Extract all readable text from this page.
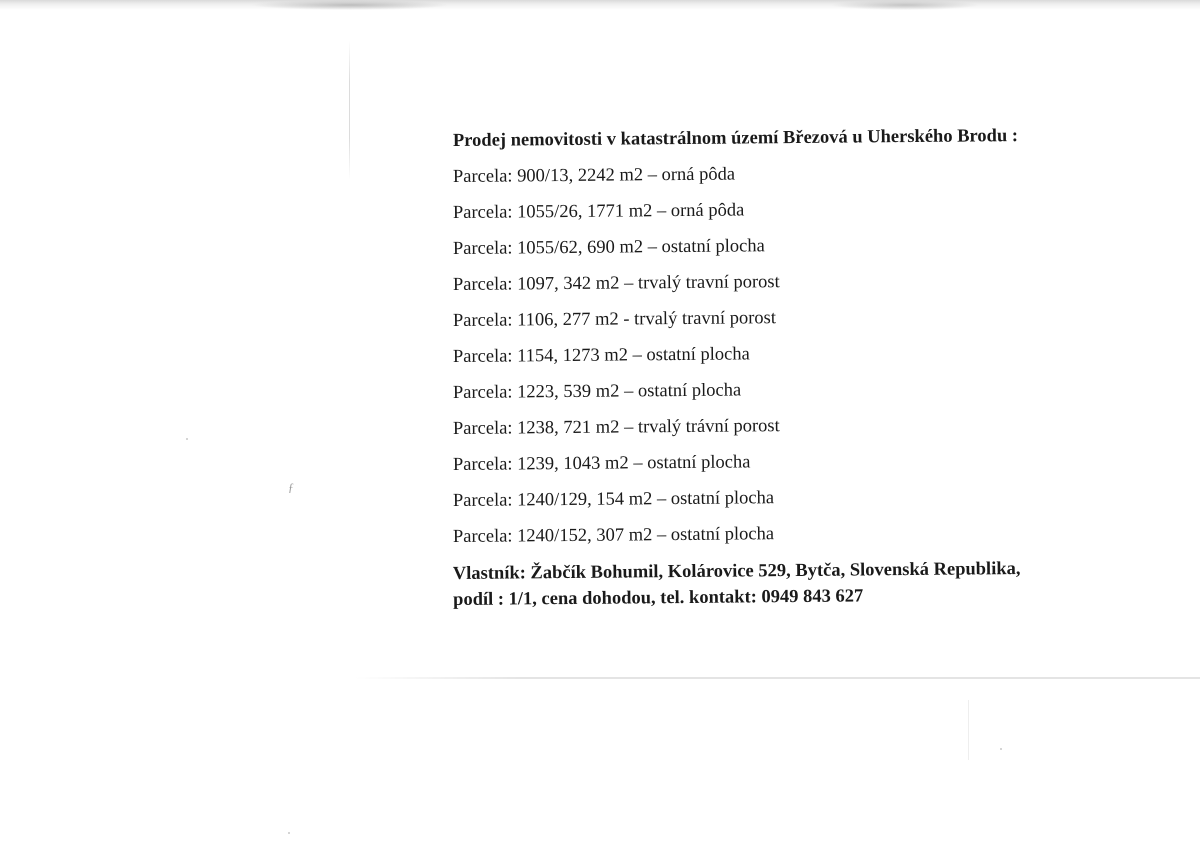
ƒ
Prodej nemovitosti v katastrálnom území Březová u Uherského Brodu :
Parcela: 900/13, 2242 m2 – orná pôda
Parcela: 1055/26, 1771 m2 – orná pôda
Parcela: 1055/62, 690 m2 – ostatní plocha
Parcela: 1097, 342 m2 – trvalý travní porost
Parcela: 1106, 277 m2 - trvalý travní porost
Parcela: 1154, 1273 m2 – ostatní plocha
Parcela: 1223, 539 m2 – ostatní plocha
Parcela: 1238, 721 m2 – trvalý trávní porost
Parcela: 1239, 1043 m2 – ostatní plocha
Parcela: 1240/129, 154 m2 – ostatní plocha
Parcela: 1240/152, 307 m2 – ostatní plocha

Vlastník: Žabčík Bohumil, Kolárovice 529, Bytča, Slovenská Republika,
podíl : 1/1, cena dohodou, tel. kontakt: 0949 843 627
